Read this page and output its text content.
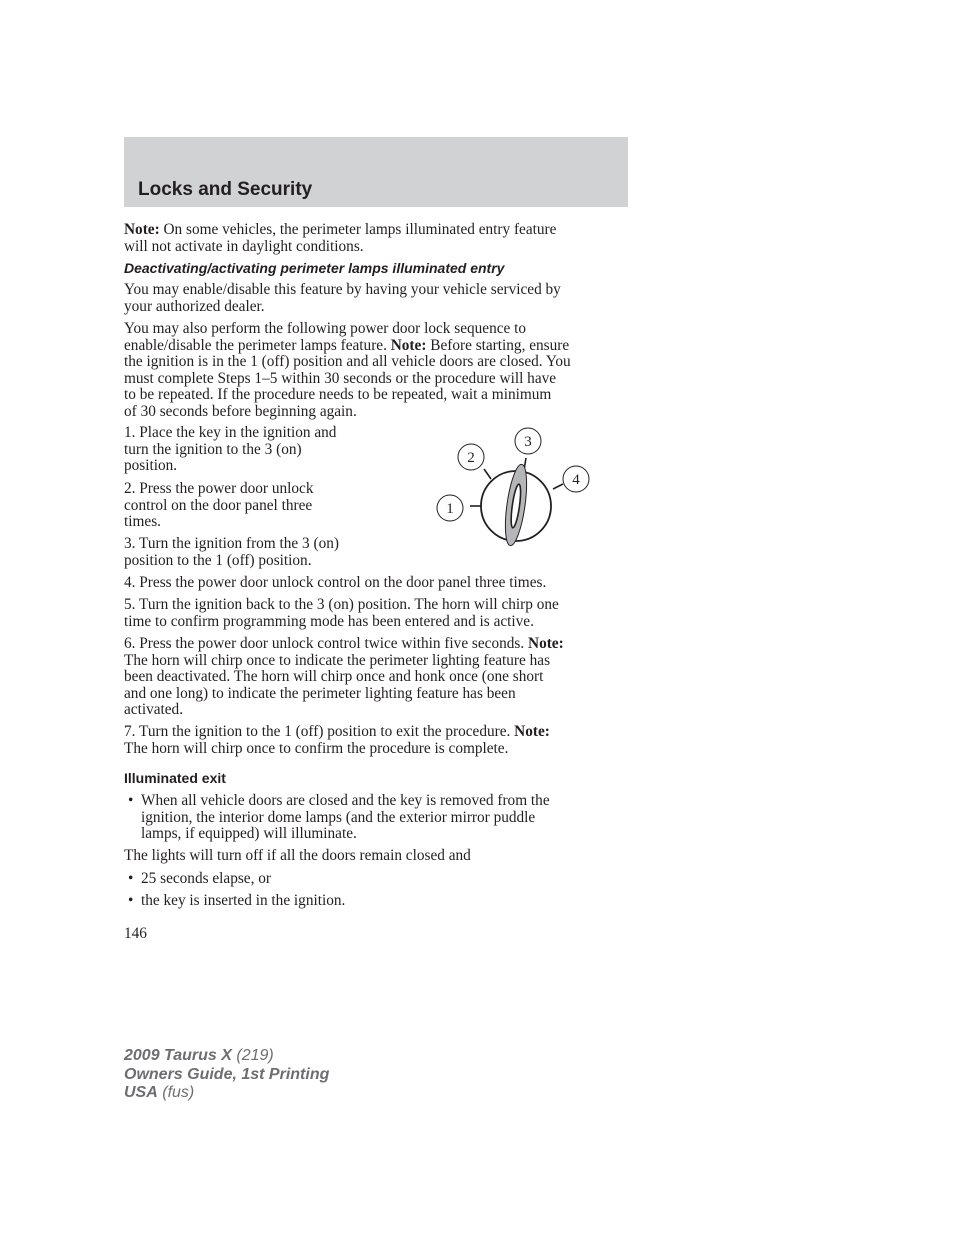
Locks and Security
Note: On some vehicles, the perimeter lamps illuminated entry feature
will not activate in daylight conditions.
Deactivating/activating perimeter lamps illuminated entry
You may enable/disable this feature by having your vehicle serviced by
your authorized dealer.
You may also perform the following power door lock sequence to
enable/disable the perimeter lamps feature. Note: Before starting, ensure
the ignition is in the 1 (off) position and all vehicle doors are closed. You
must complete Steps 1–5 within 30 seconds or the procedure will have
to be repeated. If the procedure needs to be repeated, wait a minimum
of 30 seconds before beginning again.
1. Place the key in the ignition and
turn the ignition to the 3 (on)
position.
2. Press the power door unlock
control on the door panel three
times.
3. Turn the ignition from the 3 (on)
position to the 1 (off) position.
4. Press the power door unlock control on the door panel three times.
5. Turn the ignition back to the 3 (on) position. The horn will chirp one
time to confirm programming mode has been entered and is active.
6. Press the power door unlock control twice within five seconds. Note:
The horn will chirp once to indicate the perimeter lighting feature has
been deactivated. The horn will chirp once and honk once (one short
and one long) to indicate the perimeter lighting feature has been
activated.
7. Turn the ignition to the 1 (off) position to exit the procedure. Note:
The horn will chirp once to confirm the procedure is complete.
1
2
3
4
Illuminated exit
• When all vehicle doors are closed and the key is removed from the
ignition, the interior dome lamps (and the exterior mirror puddle
lamps, if equipped) will illuminate.
The lights will turn off if all the doors remain closed and
• 25 seconds elapse, or
• the key is inserted in the ignition.
146
2009 Taurus X (219)
Owners Guide, 1st Printing
USA (fus)
